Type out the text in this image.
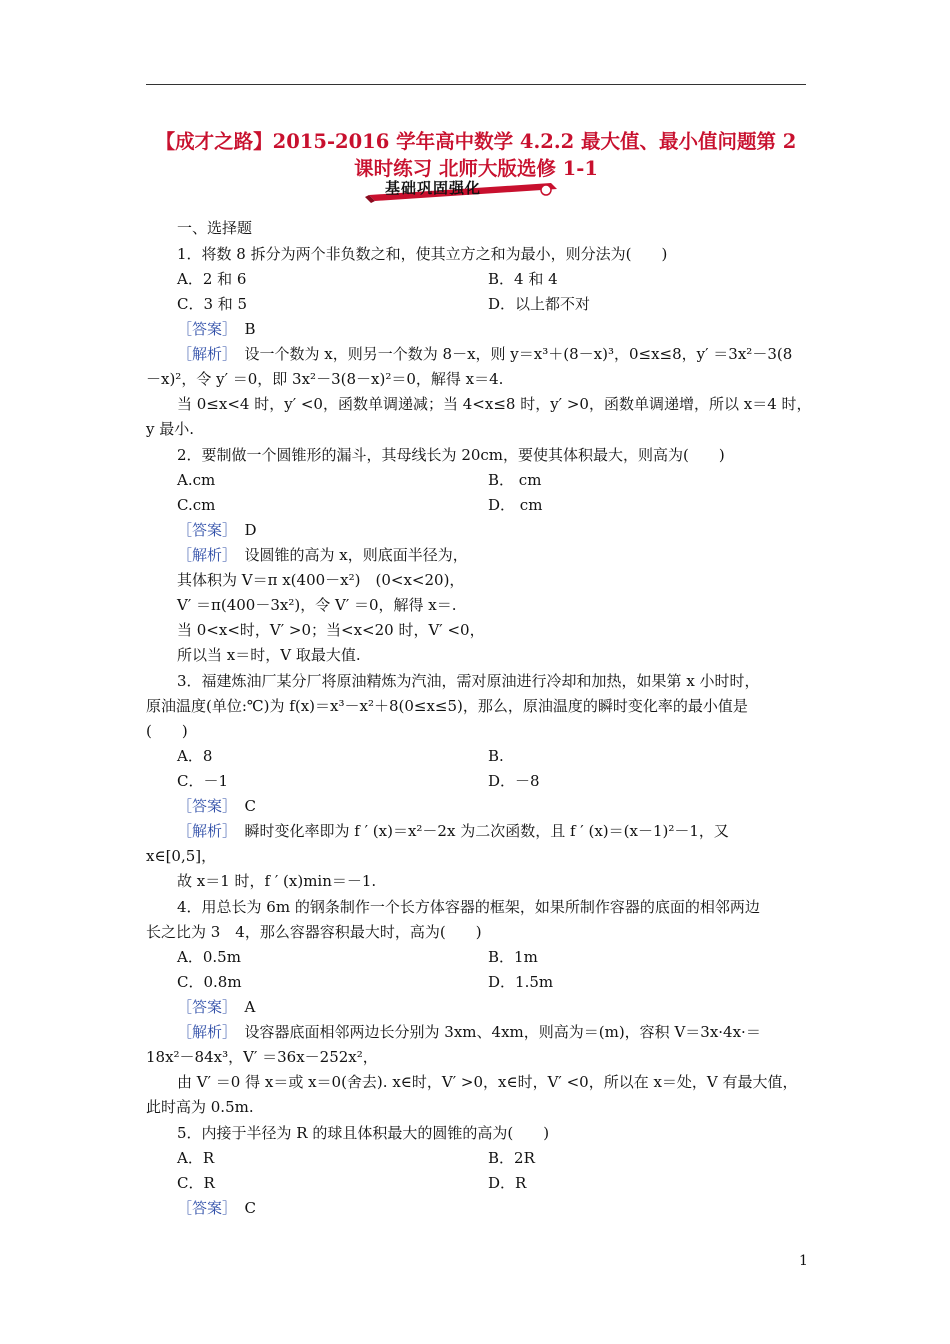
【成才之路】2015-2016 学年高中数学 4.2.2 最大值、最小值问题第 2
课时练习 北师大版选修 1-1
基础巩固强化
一、选择题
1．将数 8 拆分为两个非负数之和，使其立方之和为最小，则分法为(　　)
A．2 和 6	B．4 和 4
C．3 和 5	D．以上都不对
［答案］　 B
［解析］　 设一个数为 x，则另一个数为 8－x，则 y＝x³＋(8－x)³，0≤x≤8，y′ ＝3x²－3(8
－x)²，令 y′ ＝0，即 3x²－3(8－x)²＝0，解得 x＝4.
当 0≤x<4 时，y′ <0，函数单调递减；当 4<x≤8 时，y′ >0，函数单调递增，所以 x＝4 时，
y 最小.
2．要制做一个圆锥形的漏斗，其母线长为 20cm，要使其体积最大，则高为(　　)
A.cm	B． cm
C.cm	D． cm
［答案］　 D
［解析］　 设圆锥的高为 x，则底面半径为，
其体积为 V＝π x(400－x²)　(0<x<20)，
V′ ＝π(400－3x²)，令 V′ ＝0，解得 x＝.
当 0<x<时，V′ >0；当<x<20 时，V′ <0，
所以当 x＝时，V 取最大值.
3．福建炼油厂某分厂将原油精炼为汽油，需对原油进行冷却和加热，如果第 x 小时时，
原油温度(单位:℃)为 f(x)＝x³－x²＋8(0≤x≤5)，那么，原油温度的瞬时变化率的最小值是
(　　)
A．8	B.
C．－1	D．－8
［答案］　 C
［解析］　 瞬时变化率即为 f ′ (x)＝x²－2x 为二次函数，且 f ′ (x)＝(x－1)²－1，又
x∈[0,5]，
故 x＝1 时，f ′ (x)min＝－1.
4．用总长为 6m 的钢条制作一个长方体容器的框架，如果所制作容器的底面的相邻两边
长之比为 3　4，那么容器容积最大时，高为(　　)
A．0.5m	B．1m
C．0.8m	D．1.5m
［答案］　 A
［解析］　 设容器底面相邻两边长分别为 3xm、4xm，则高为＝(m)，容积 V＝3x·4x·＝
18x²－84x³，V′ ＝36x－252x²，
由 V′ ＝0 得 x＝或 x＝0(舍去). x∈时，V′ >0，x∈时，V′ <0，所以在 x＝处，V 有最大值，
此时高为 0.5m.
5．内接于半径为 R 的球且体积最大的圆锥的高为(　　)
A．R	B．2R
C．R	D．R
［答案］　 C
1
